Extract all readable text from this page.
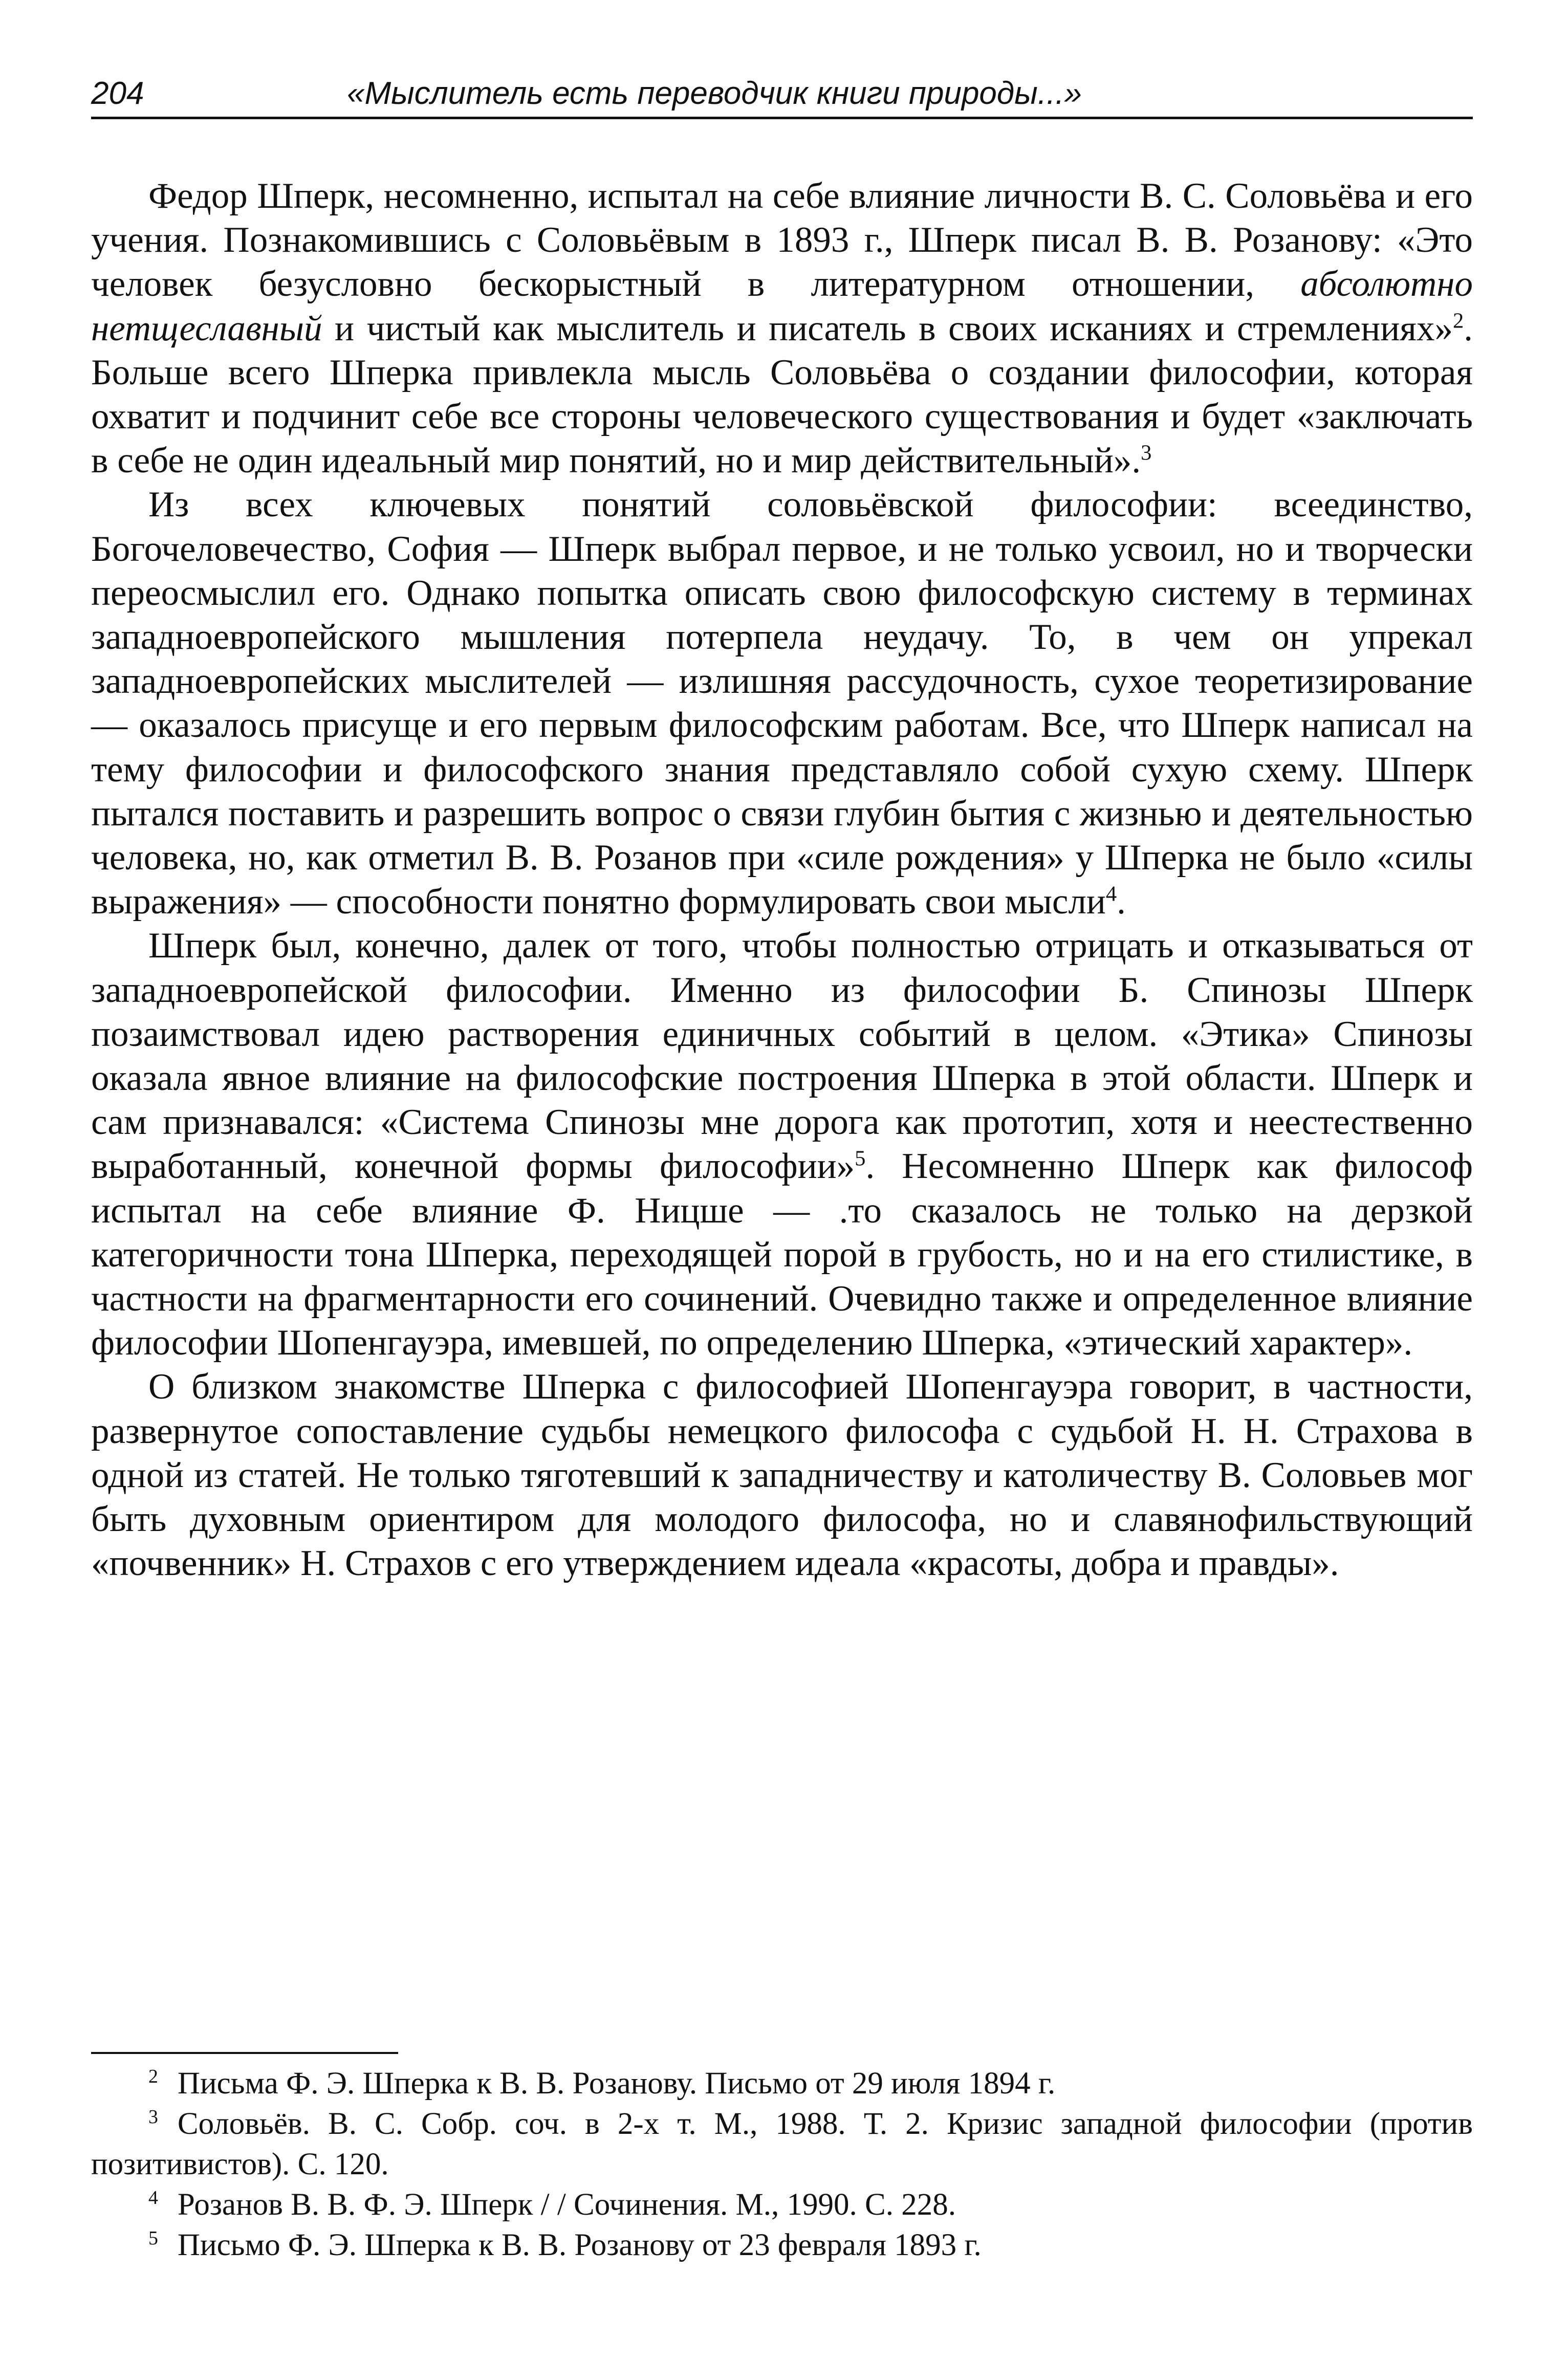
204	«Мыслитель есть переводчик книги природы...»

Федор Шперк, несомненно, испытал на себе влияние личности В. С. Соловьёва и его учения. Познакомившись с Соловьёвым в 1893 г., Шперк писал В. В. Розанову: «Это человек безусловно бескорыстный в литературном отношении, абсолютно нетщеславный и чистый как мыслитель и писатель в своих исканиях и стремлениях»$^2$. Больше всего Шперка привлекла мысль Соловьёва о создании философии, которая охватит и подчинит себе все стороны человеческого существования и будет «заключать в себе не один идеальный мир понятий, но и мир действительный».$^3$

Из всех ключевых понятий соловьёвской философии: всеединство, Богочеловечество, София — Шперк выбрал первое, и не только усвоил, но и творчески переосмыслил его. Однако попытка описать свою философскую систему в терминах западноевропейского мышления потерпела неудачу. То, в чем он упрекал западноевропейских мыслителей — излишняя рассудочность, сухое теоретизирование — оказалось присуще и его первым философским работам. Все, что Шперк написал на тему философии и философского знания представляло собой сухую схему. Шперк пытался поставить и разрешить вопрос о связи глубин бытия с жизнью и деятельностью человека, но, как отметил В. В. Розанов при «силе рождения» у Шперка не было «силы выражения» — способности понятно формулировать свои мысли$^4$.

Шперк был, конечно, далек от того, чтобы полностью отрицать и отказываться от западноевропейской философии. Именно из философии Б. Спинозы Шперк позаимствовал идею растворения единичных событий в целом. «Этика» Спинозы оказала явное влияние на философские построения Шперка в этой области. Шперк и сам признавался: «Система Спинозы мне дорога как прототип, хотя и неестественно выработанный, конечной формы философии»$^5$. Несомненно Шперк как философ испытал на себе влияние Ф. Ницше — .то сказалось не только на дерзкой категоричности тона Шперка, переходящей порой в грубость, но и на его стилистике, в частности на фрагментарности его сочинений. Очевидно также и определенное влияние философии Шопенгауэра, имевшей, по определению Шперка, «этический характер».

О близком знакомстве Шперка с философией Шопенгауэра говорит, в частности, развернутое сопоставление судьбы немецкого философа с судьбой Н. Н. Страхова в одной из статей. Не только тяготевший к западничеству и католичеству В. Соловьев мог быть духовным ориентиром для молодого философа, но и славянофильствующий «почвенник» Н. Страхов с его утверждением идеала «красоты, добра и правды».

$^2$ Письма Ф. Э. Шперка к В. В. Розанову. Письмо от 29 июля 1894 г.

$^3$ Соловьёв. В. С. Собр. соч. в 2-х т. М., 1988. Т. 2. Кризис западной философии (против позитивистов). С. 120.

$^4$ Розанов В. В. Ф. Э. Шперк / / Сочинения. М., 1990. С. 228.

$^5$ Письмо Ф. Э. Шперка к В. В. Розанову от 23 февраля 1893 г.
